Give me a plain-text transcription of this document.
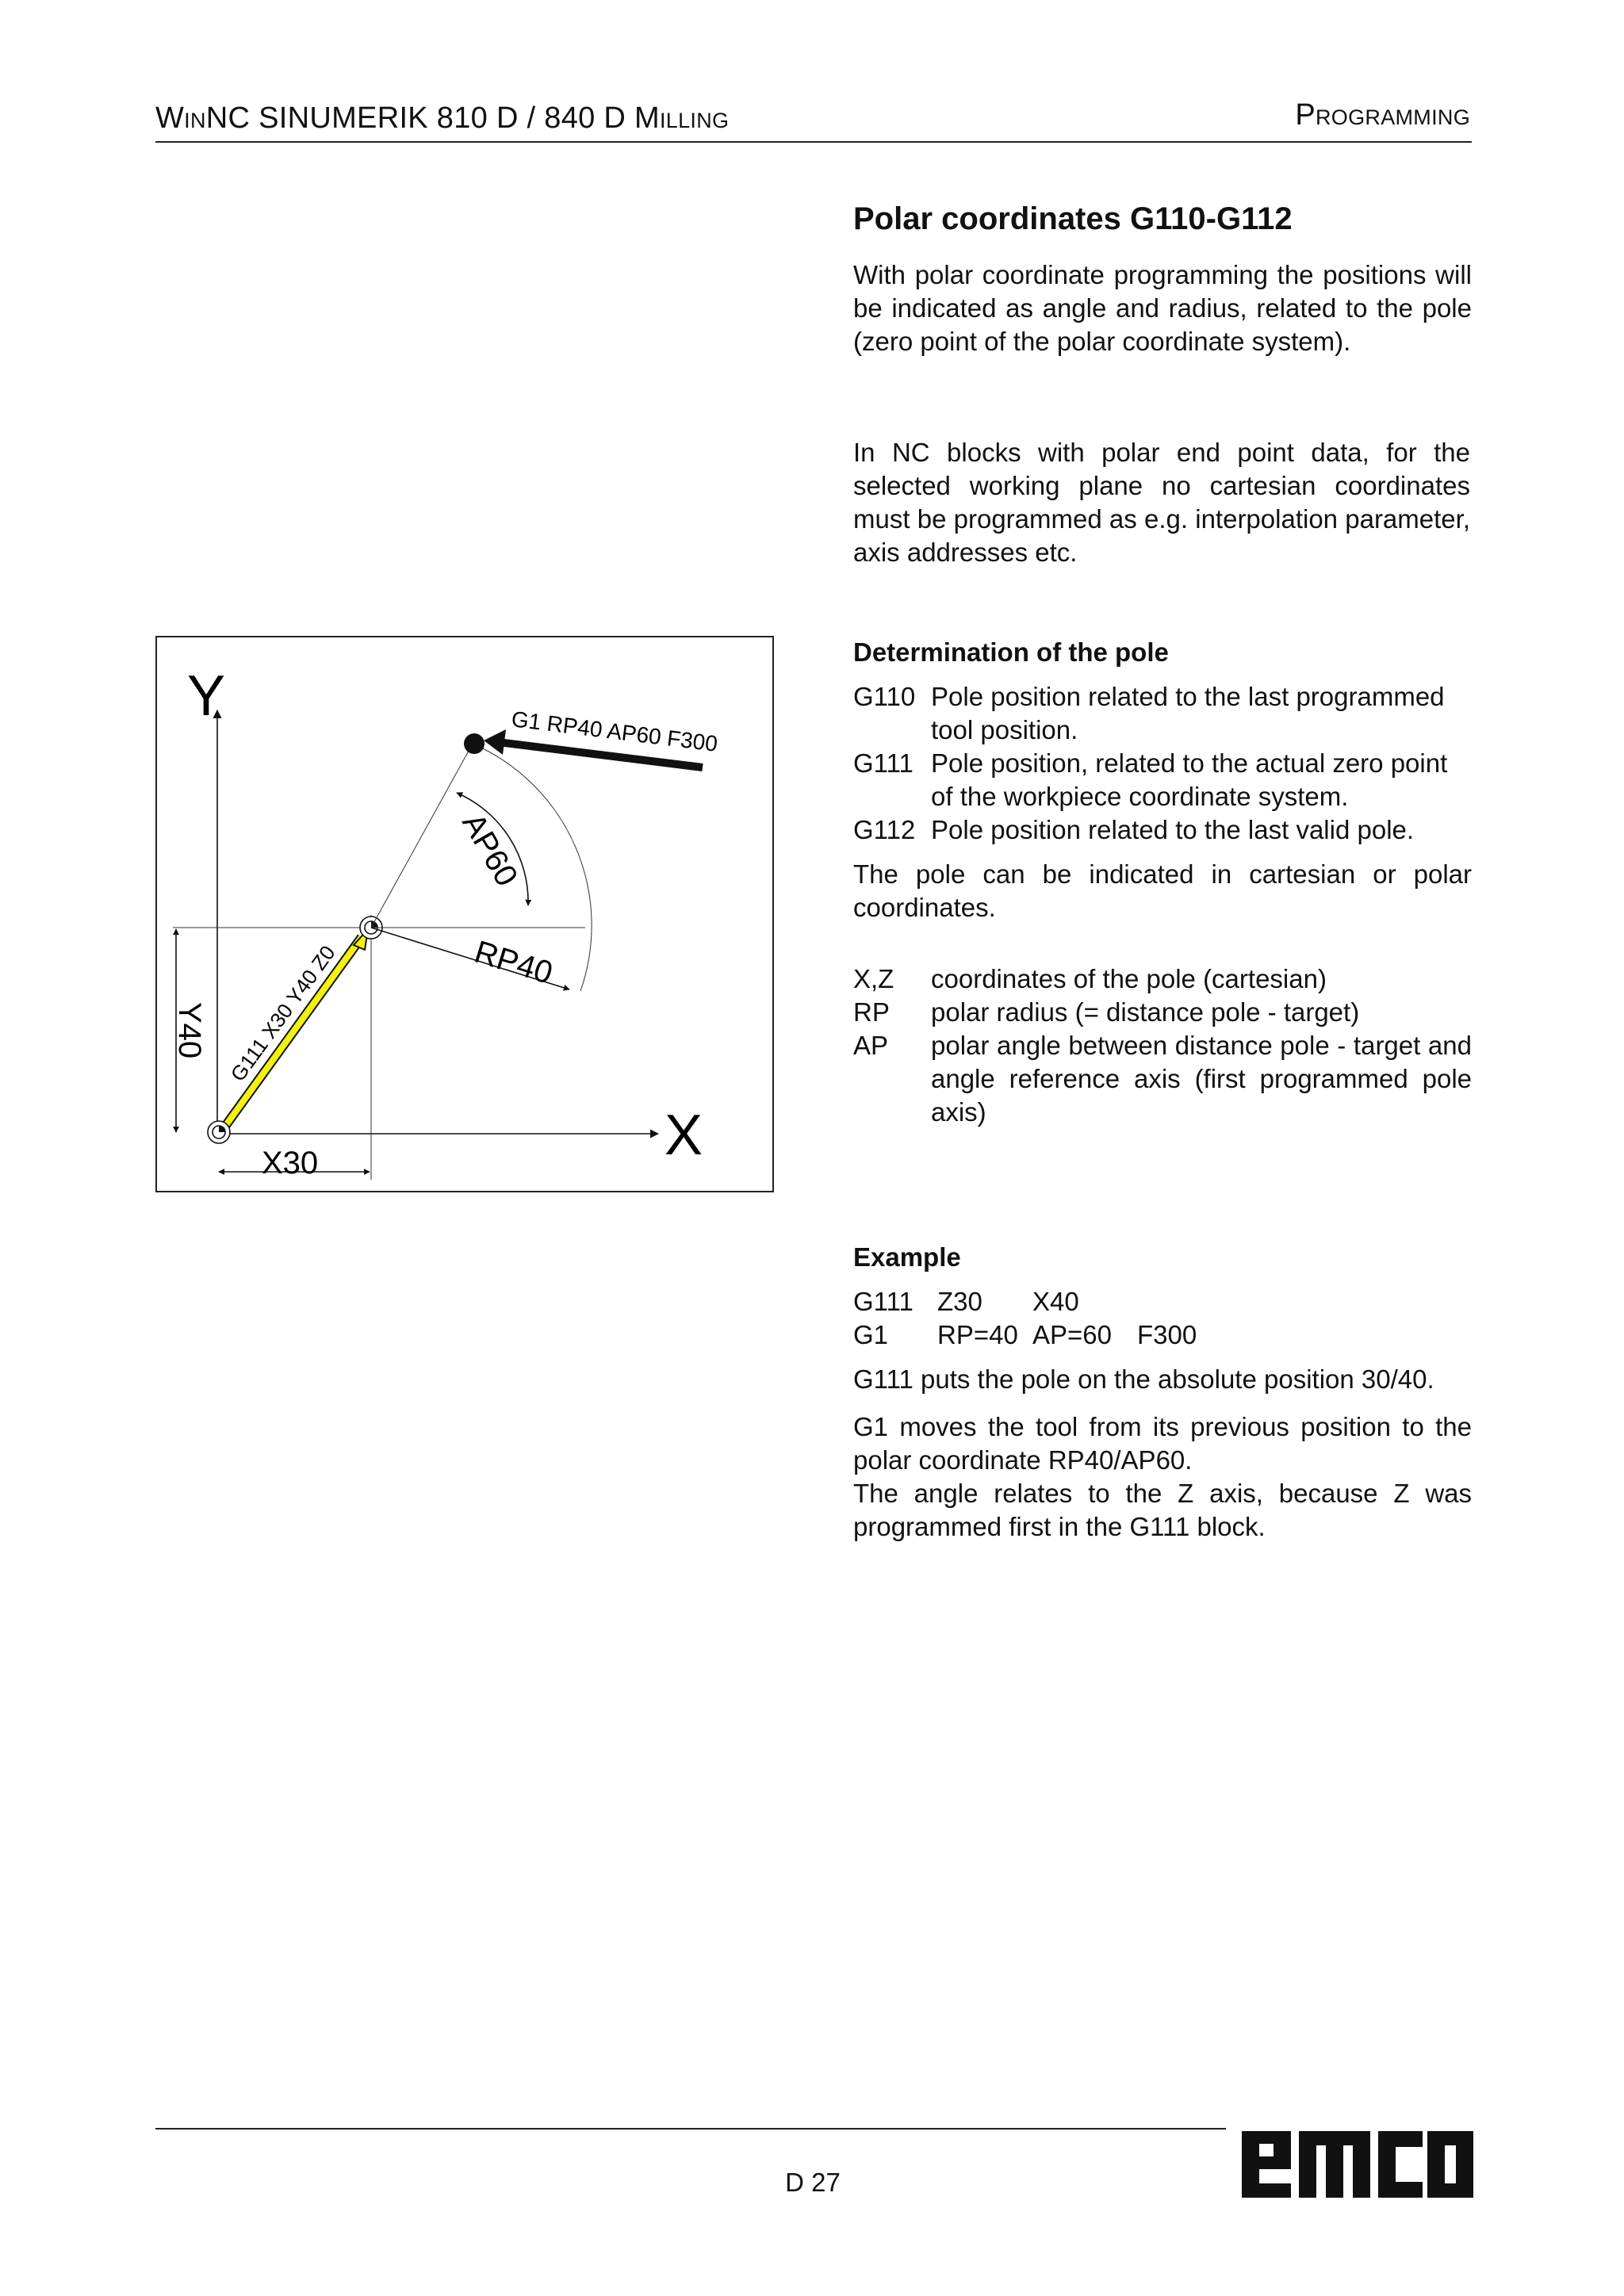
WinNC SINUMERIK 810 D / 840 D Milling	Programming
Polar coordinates G110-G112
With polar coordinate programming the positions will be indicated as angle and radius, related to the pole (zero point of the polar coordinate system).
In NC blocks with polar end point data, for the selected working plane no cartesian coordinates must be programmed as e.g. interpolation parameter, axis addresses etc.
Determination of the pole
G110 Pole position related to the last programmed tool position.
G111 Pole position, related to the actual zero point of the workpiece coordinate system.
G112 Pole position related to the last valid pole.
The pole can be indicated in cartesian or polar coordinates.
X,Z coordinates of the pole (cartesian)
RP polar radius (= distance pole - target)
AP polar angle between distance pole - target and angle reference axis (first programmed pole axis)
Example
G111 Z30 X40
G1 RP=40 AP=60 F300
G111 puts the pole on the absolute position 30/40.
G1 moves the tool from its previous position to the polar coordinate RP40/AP60.
The angle relates to the Z axis, because Z was programmed first in the G111 block.
Y
X
Y40
X30
G111 X30 Y40 Z0
AP60
RP40
G1 RP40 AP60 F300
D 27
